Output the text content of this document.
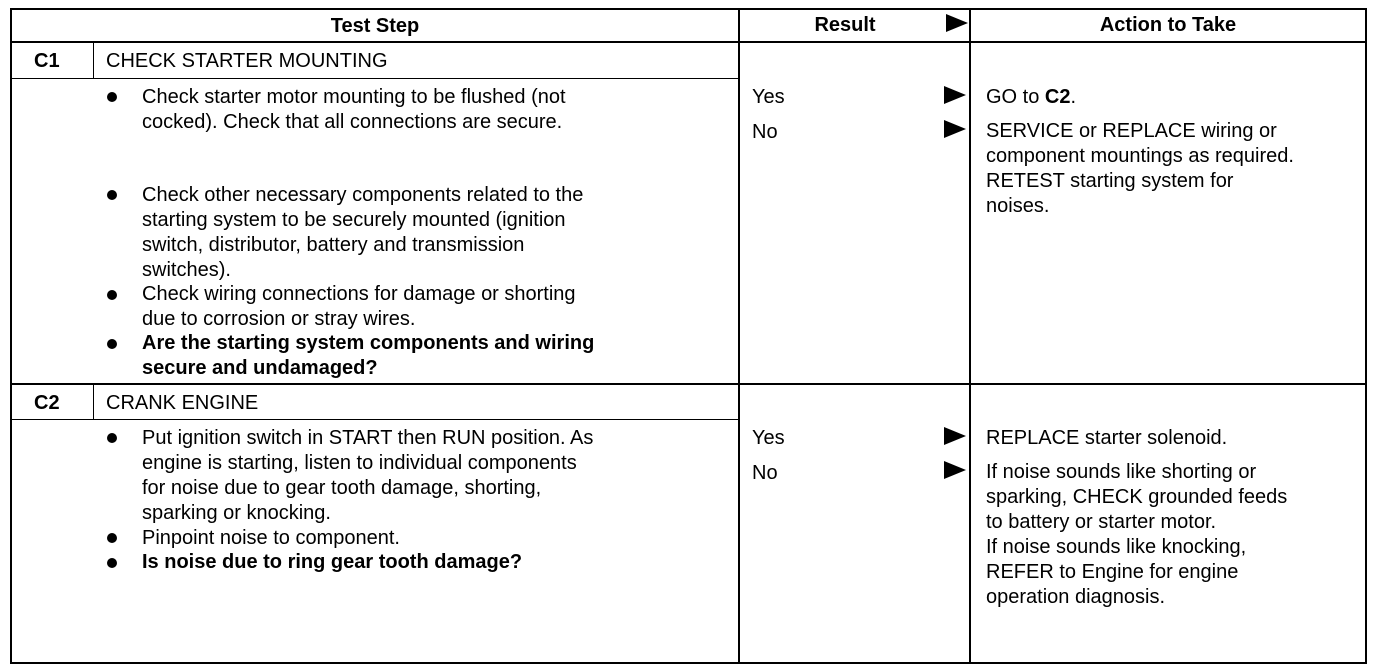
Test Step	Result	Action to Take
C1 CHECK STARTER MOUNTING
Check starter motor mounting to be flushed (not
cocked). Check that all connections are secure.
Check other necessary components related to the
starting system to be securely mounted (ignition
switch, distributor, battery and transmission
switches).
Check wiring connections for damage or shorting
due to corrosion or stray wires.
Are the starting system components and wiring
secure and undamaged?
Yes
No
GO to C2.
SERVICE or REPLACE wiring or
component mountings as required.
RETEST starting system for
noises.
C2 CRANK ENGINE
Put ignition switch in START then RUN position. As
engine is starting, listen to individual components
for noise due to gear tooth damage, shorting,
sparking or knocking.
Pinpoint noise to component.
Is noise due to ring gear tooth damage?
Yes
No
REPLACE starter solenoid.
If noise sounds like shorting or
sparking, CHECK grounded feeds
to battery or starter motor.
If noise sounds like knocking,
REFER to Engine for engine
operation diagnosis.
